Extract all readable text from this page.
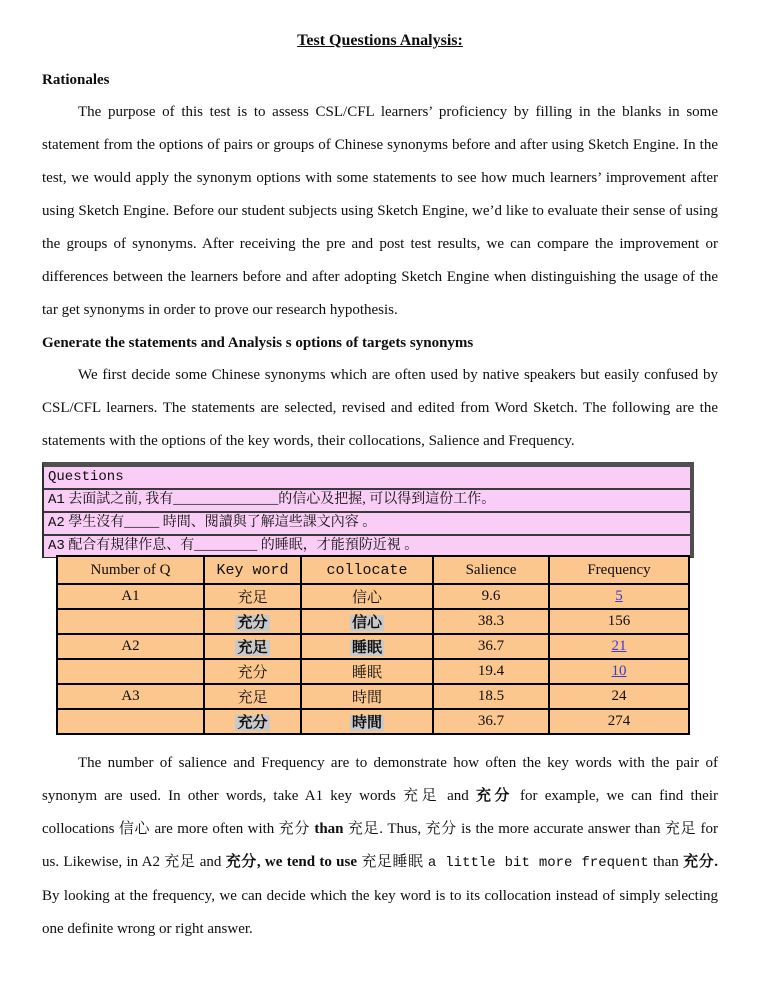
Test Questions Analysis:
Rationales

The purpose of this test is to assess CSL/CFL learners’ proficiency by filling in the blanks in some statement from the options of pairs or groups of Chinese synonyms before and after using Sketch Engine. In the test, we would apply the synonym options with some statements to see how much learners’ improvement after using Sketch Engine. Before our student subjects using Sketch Engine, we’d like to evaluate their sense of using the groups of synonyms. After receiving the pre and post test results, we can compare the improvement or differences between the learners before and after adopting Sketch Engine when distinguishing the usage of the tar get synonyms in order to prove our research hypothesis.

Generate the statements and Analysis s options of targets synonyms

We first decide some Chinese synonyms which are often used by native speakers but easily confused by CSL/CFL learners. The statements are selected, revised and edited from Word Sketch. The following are the statements with the options of the key words, their collocations, Salience and Frequency.

Questions
A1 去面試之前, 我有_______________的信心及把握, 可以得到這份工作。
A2 學生沒有_____ 時間、閱讀與了解這些課文內容 。
A3 配合有規律作息、有_________ 的睡眠，才能預防近視 。
Number of Q	Key word	collocate	Salience	Frequency
A1	充足	信心	9.6	5
	充分	信心	38.3	156
A2	充足	睡眠	36.7	21
	充分	睡眠	19.4	10
A3	充足	時間	18.5	24
	充分	時間	36.7	274

The number of salience and Frequency are to demonstrate how often the key words with the pair of synonym are used. In other words, take A1 key words 充足 and 充分 for example, we can find their collocations 信心 are more often with 充分 than 充足. Thus, 充分 is the more accurate answer than 充足 for us. Likewise, in A2 充足 and 充分, we tend to use 充足睡眠 a little bit more frequent than 充分. By looking at the frequency, we can decide which the key word is to its collocation instead of simply selecting one definite wrong or right answer.
